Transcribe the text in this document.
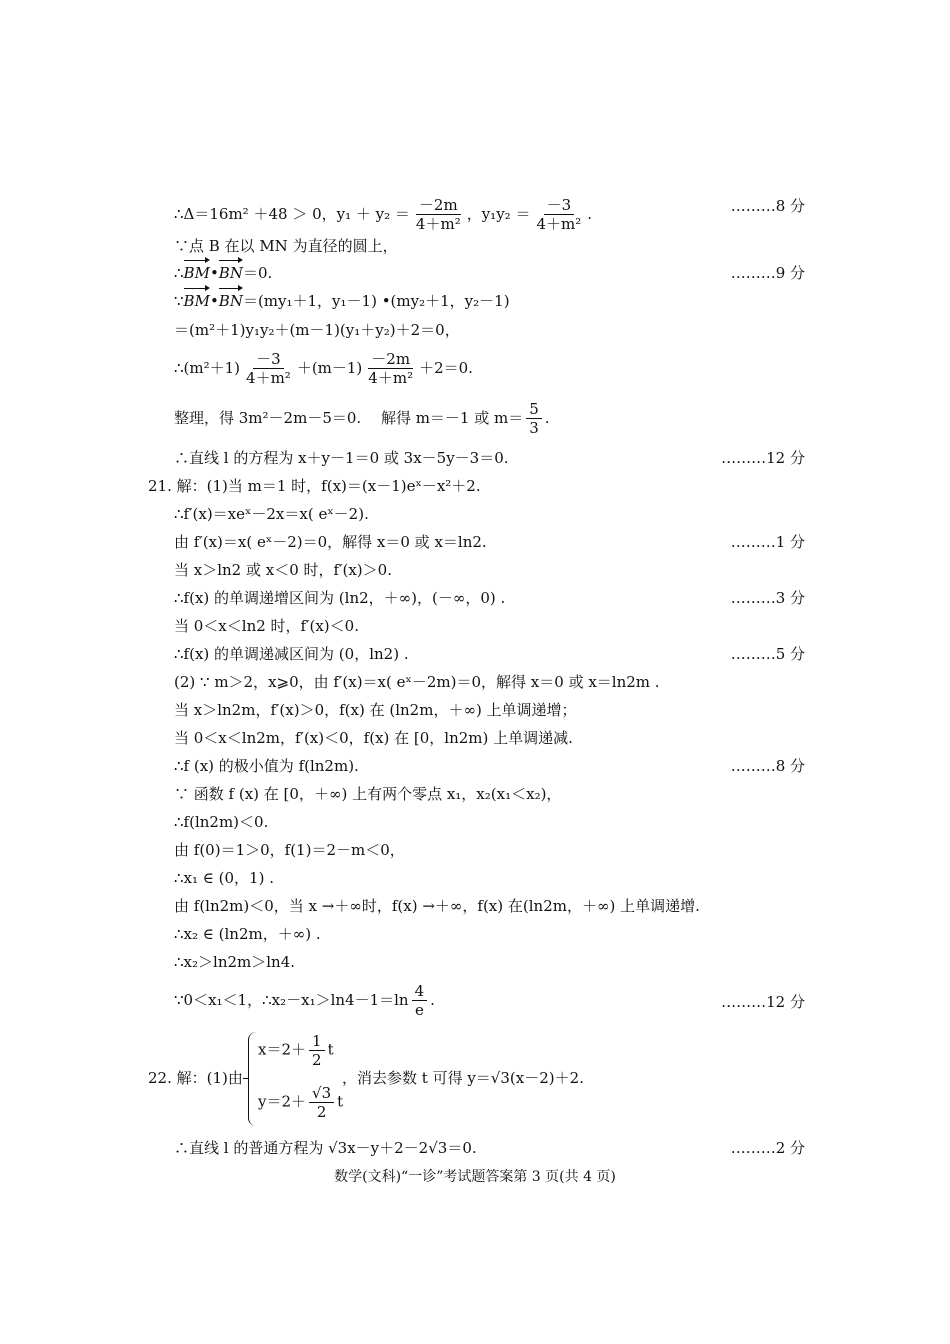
∴Δ＝16m² ＋48 ＞ 0，$y_1 + y_2 = \frac{-2m}{\text{4＋m²}}$ ，$y_1y_2 = \frac{-3}{\text{4＋m²}}$ .	………8 分
∵点 B 在以 MN 为直径的圆上，
∴BM•BN＝0.	………9 分
∵BM•BN＝(my₁＋1，y₁－1) •(my₂＋1，y₂－1)
＝(m²＋1)y₁y₂＋(m－1)(y₁＋y₂)＋2＝0，
∴(m²＋1) $\frac{-3}{\text{4＋m²}} +(m-1) \frac{-2m}{\text{4＋m²}} +2=0$.
整理，得 3m²－2m－5＝0.　 解得 m＝－1 或 $m= \frac{5}{3}$ .
∴直线 l 的方程为 x＋y－1＝0 或 3x－5y－3＝0.	………12 分
21. 解：(1)当 m＝1 时，f(x)＝(x－1)eˣ－x²＋2.
∴f′(x)＝xeˣ－2x＝x( eˣ－2).
由 f′(x)＝x( eˣ－2)＝0，解得 x＝0 或 x＝ln2.	………1 分
当 x＞ln2 或 x＜0 时，f′(x)＞0.
∴f(x) 的单调递增区间为 (ln2，＋∞)，(－∞，0) .	………3 分
当 0＜x＜ln2 时，f′(x)＜0.
∴f(x) 的单调递减区间为 (0，ln2) .	………5 分
(2) ∵ m＞2，x⩾0，由 f′(x)＝x( eˣ－2m)＝0，解得 x＝0 或 x＝ln2m .
当 x＞ln2m，f′(x)＞0，f(x) 在 (ln2m，＋∞) 上单调递增；
当 0＜x＜ln2m，f′(x)＜0，f(x) 在 [0，ln2m) 上单调递减.
∴f (x) 的极小值为 f(ln2m).	………8 分
∵ 函数 f (x) 在 [0，＋∞) 上有两个零点 x₁，x₂(x₁＜x₂)，
∴f(ln2m)＜0.
由 f(0)＝1＞0，f(1)＝2－m＜0，
∴x₁ ∈ (0，1) .
由 f(ln2m)＜0，当 x →＋∞时，f(x) →＋∞，f(x) 在(ln2m，＋∞) 上单调递增.
∴x₂ ∈ (ln2m，＋∞) .
∴x₂＞ln2m＞ln4.
∵0＜x₁＜1，∴x₂－x₁＞ln4－1＝ln $\frac{4}{e}$ .	………12 分
22. 解：(1)由
$x=2+ \frac{1}{2}$ t
$y=2+ \frac{√3}{2}$ t
，消去参数 t 可得 y＝√3(x－2)＋2.
∴直线 l 的普通方程为 √3x－y＋2－2√3＝0.	………2 分
数学(文科)“一诊”考试题答案第 3 页(共 4 页)
